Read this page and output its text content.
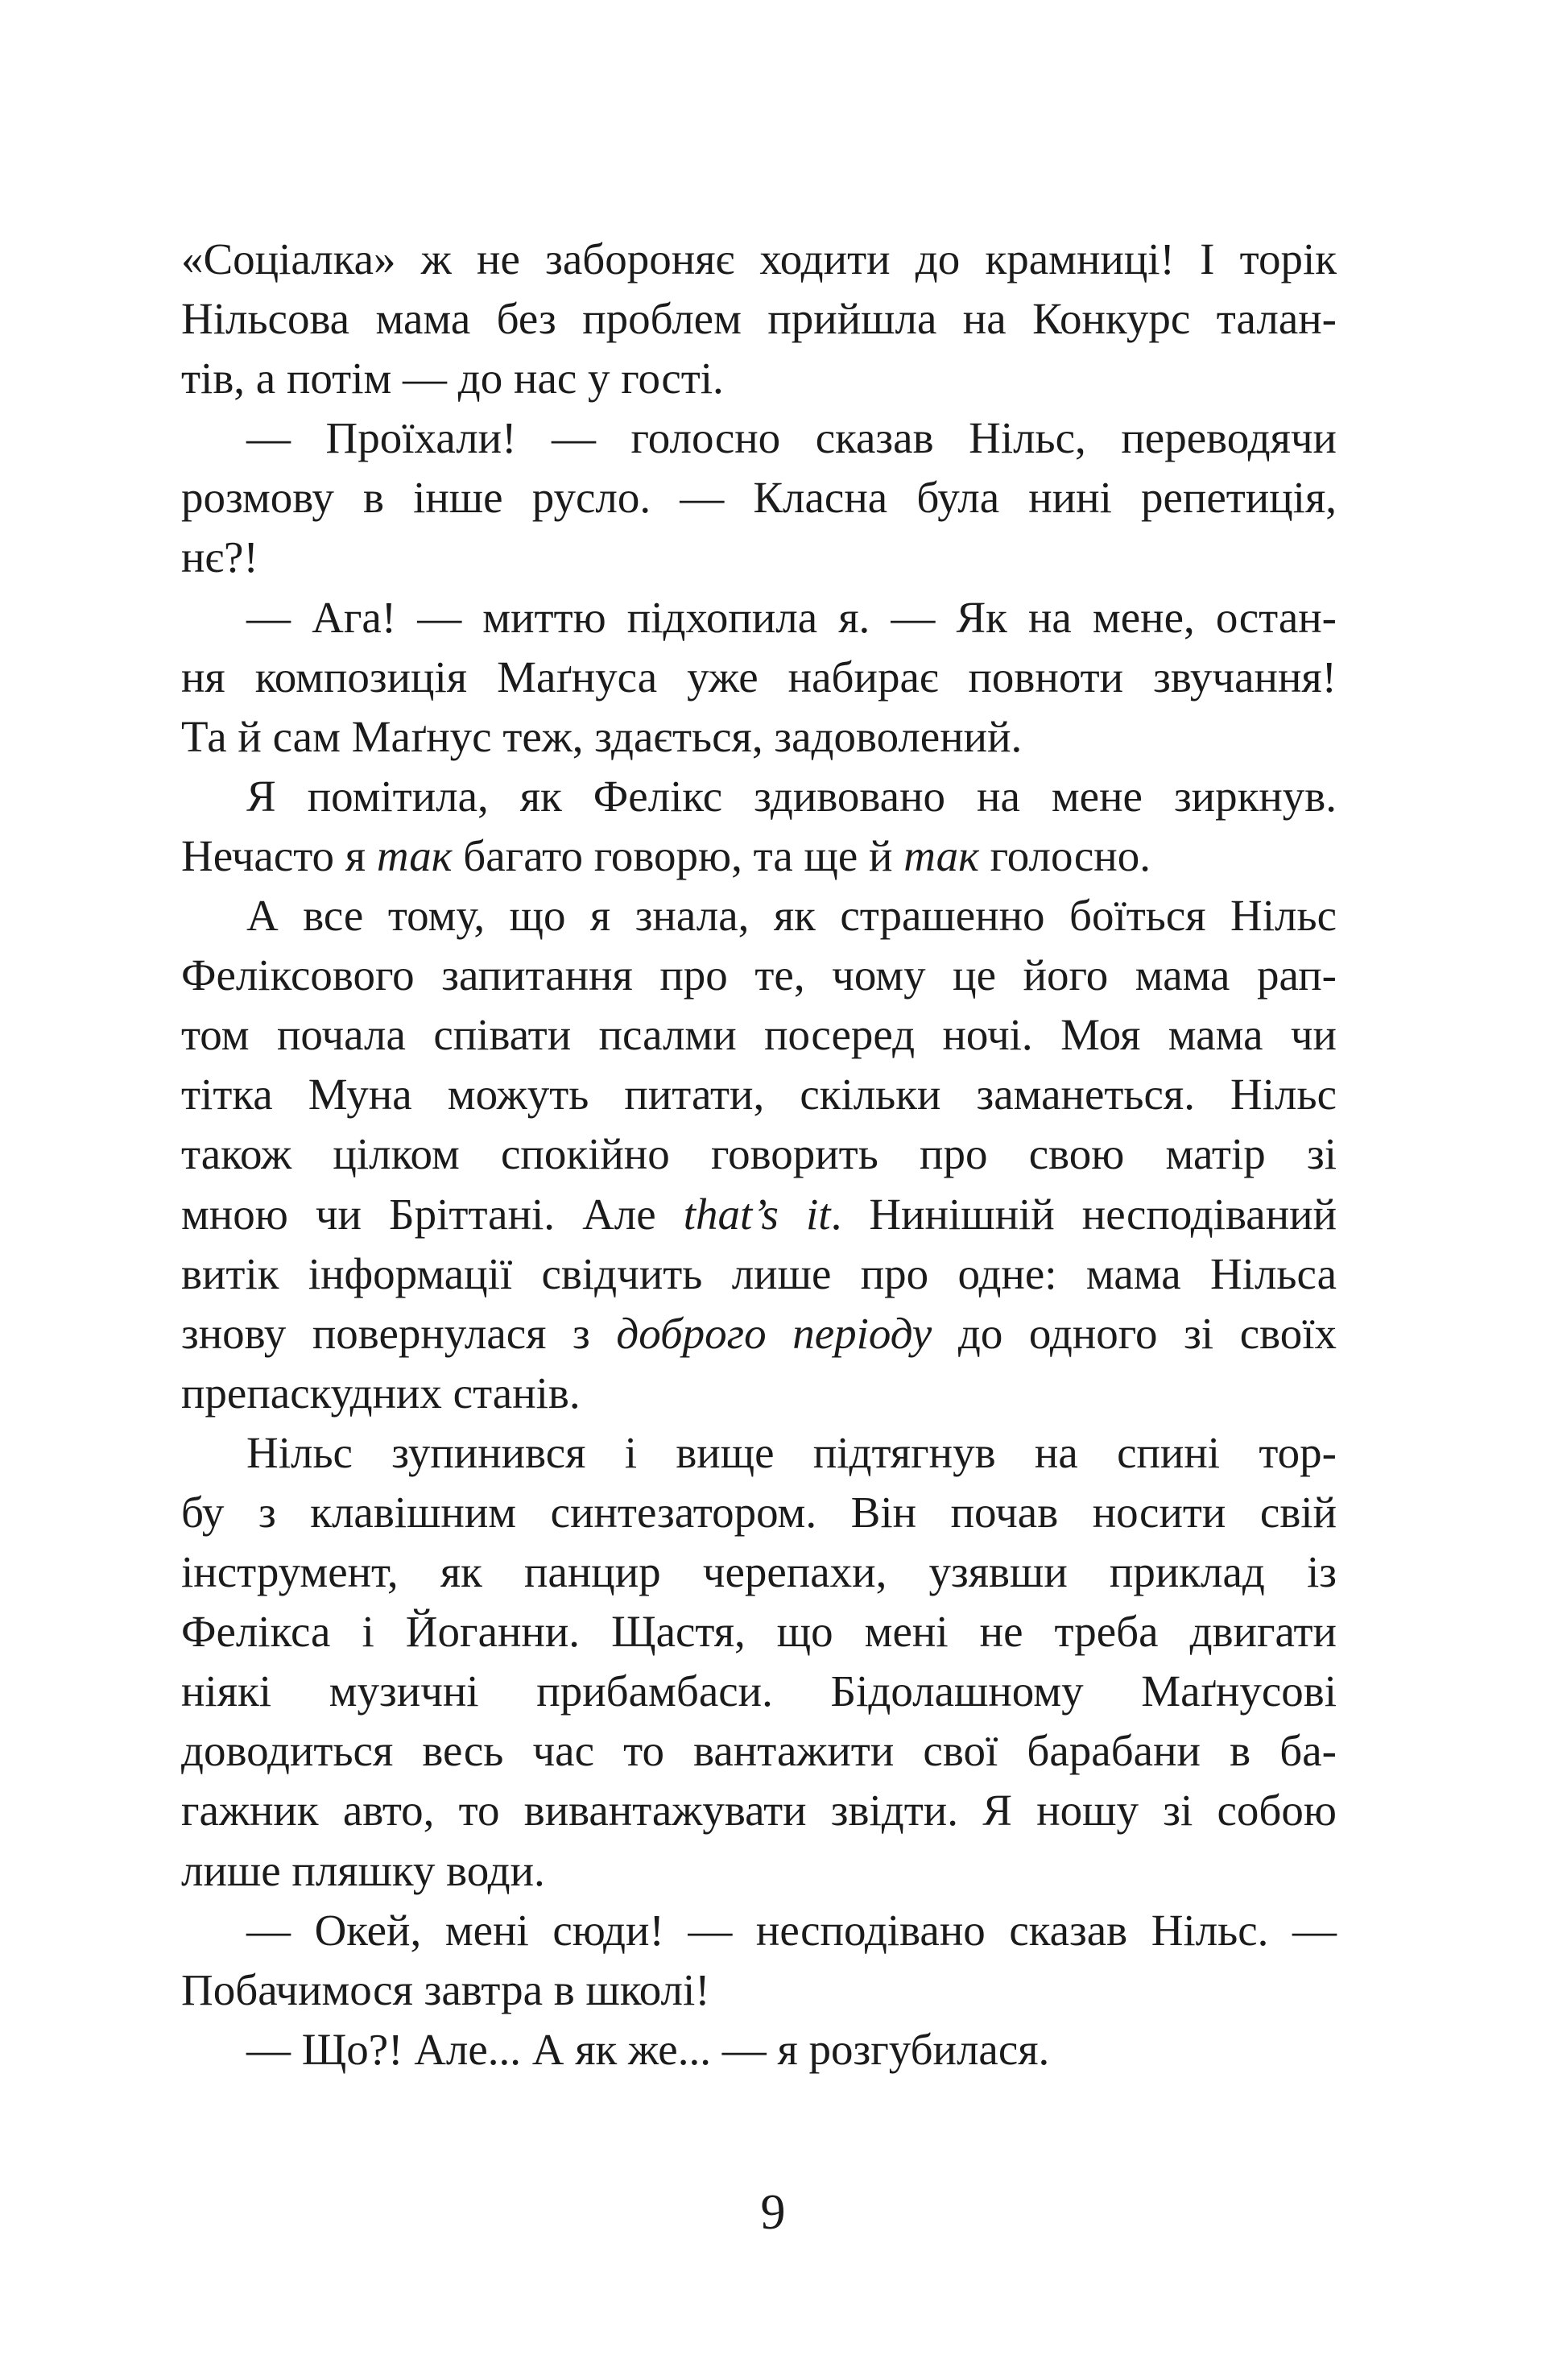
«Соціалка» ж не забороняє ходити до крамниці! І торік
Нільсова мама без проблем прийшла на Конкурс талан-
тів, а потім — до нас у гості.
— Проїхали! — голосно сказав Нільс, переводячи
розмову в інше русло. — Класна була нині репетиція,
нє?!
— Ага! — миттю підхопила я. — Як на мене, остан-
ня композиція Маґнуса уже набирає повноти звучання!
Та й сам Маґнус теж, здається, задоволений.
Я помітила, як Фелікс здивовано на мене зиркнув.
Нечасто я так багато говорю, та ще й так голосно.
А все тому, що я знала, як страшенно боїться Нільс
Феліксового запитання про те, чому це його мама рап-
том почала співати псалми посеред ночі. Моя мама чи
тітка Муна можуть питати, скільки заманеться. Нільс
також цілком спокійно говорить про свою матір зі
мною чи Бріттані. Але that’s it. Нинішній несподіваний
витік інформації свідчить лише про одне: мама Нільса
знову повернулася з доброго періоду до одного зі своїх
препаскудних станів.
Нільс зупинився і вище підтягнув на спині тор-
бу з клавішним синтезатором. Він почав носити свій
інструмент, як панцир черепахи, узявши приклад із
Фелікса і Йоганни. Щастя, що мені не треба двигати
ніякі музичні прибамбаси. Бідолашному Маґнусові
доводиться весь час то вантажити свої барабани в ба-
гажник авто, то вивантажувати звідти. Я ношу зі собою
лише пляшку води.
— Окей, мені сюди! — несподівано сказав Нільс. —
Побачимося завтра в школі!
— Що?! Але... А як же... — я розгубилася.
9
